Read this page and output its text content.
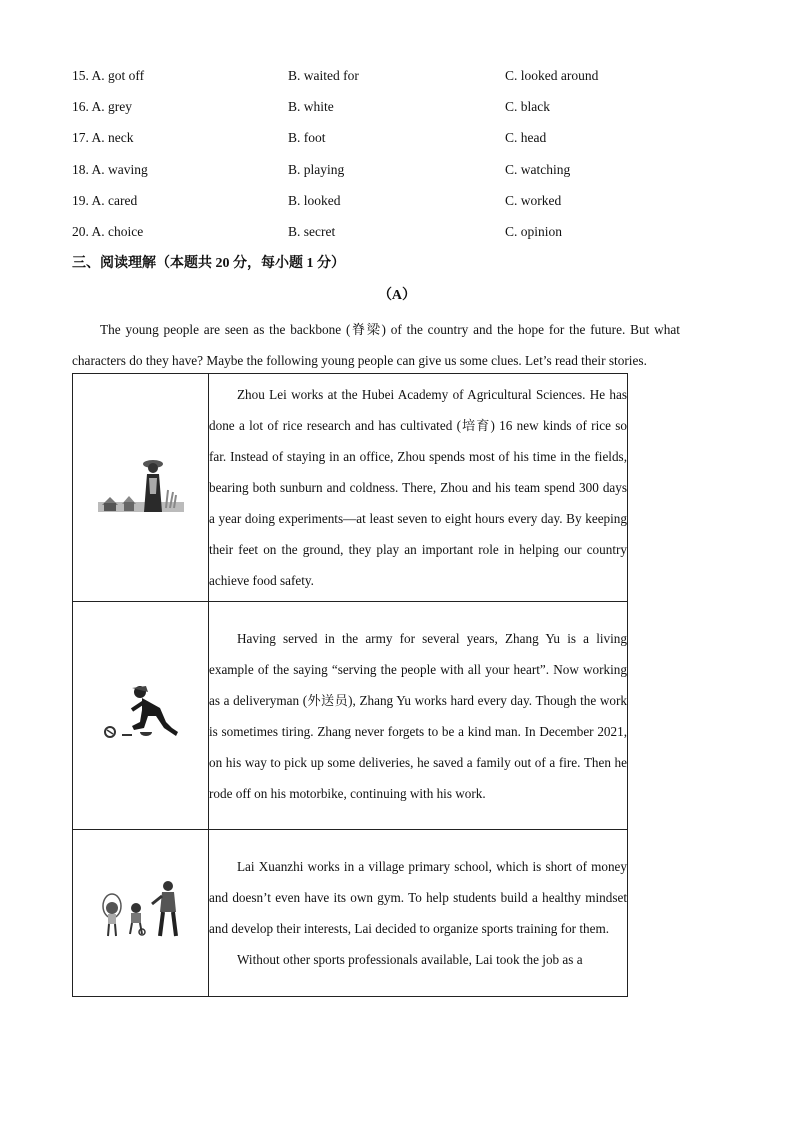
15. A. got off	B. waited for	C. looked around
16. A. grey	B. white	C. black
17. A. neck	B. foot	C. head
18. A. waving	B. playing	C. watching
19. A. cared	B. looked	C. worked
20. A. choice	B. secret	C. opinion
三、阅读理解（本题共 20 分，每小题 1 分）
（A）

The young people are seen as the backbone (脊梁) of the country and the hope for the future. But what characters do they have? Maybe the following young people can give us some clues. Let’s read their stories.

Zhou Lei works at the Hubei Academy of Agricultural Sciences. He has done a lot of rice research and has cultivated (培育) 16 new kinds of rice so far. Instead of staying in an office, Zhou spends most of his time in the fields, bearing both sunburn and coldness. There, Zhou and his team spend 300 days a year doing experiments—at least seven to eight hours every day. By keeping their feet on the ground, they play an important role in helping our country achieve food safety.

Having served in the army for several years, Zhang Yu is a living example of the saying “serving the people with all your heart”. Now working as a deliveryman (外送员), Zhang Yu works hard every day. Though the work is sometimes tiring. Zhang never forgets to be a kind man. In December 2021, on his way to pick up some deliveries, he saved a family out of a fire. Then he rode off on his motorbike, continuing with his work.

Lai Xuanzhi works in a village primary school, which is short of money and doesn’t even have its own gym. To help students build a healthy mindset and develop their interests, Lai decided to organize sports training for them.

Without other sports professionals available, Lai took the job as a
